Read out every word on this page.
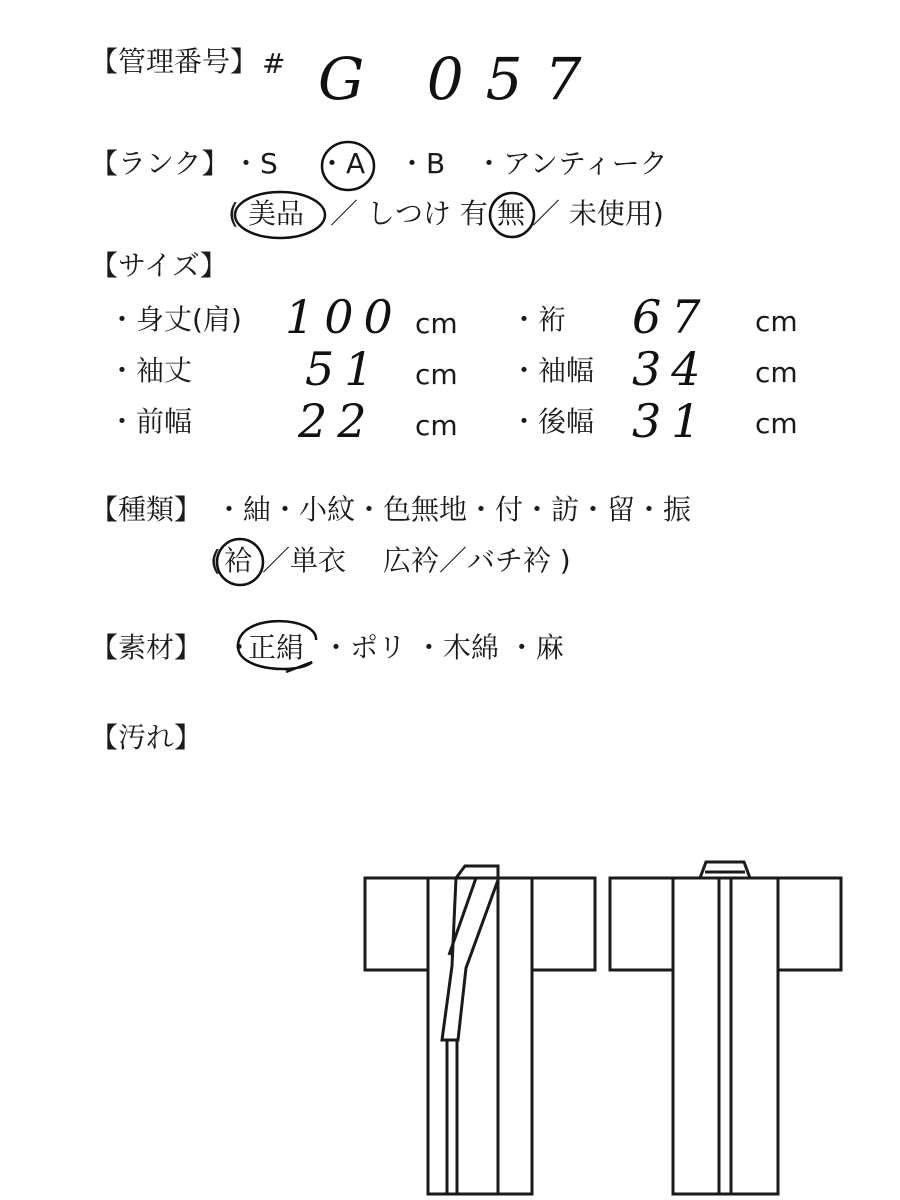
【管理番号】 # G 057
【ランク】 ・S ・A ・B ・アンティーク
( 美品 ／ しつけ 有 無 ／ 未使用)
【サイズ】
・身丈(肩) 100 cm ・裄 67 cm
・袖丈 51 cm ・袖幅 34 cm
・前幅 22 cm ・後幅 31 cm
【種類】 ・紬・小紋・色無地・付・訪・留・振
( 袷 ／単衣　 広衿／バチ衿 )
【素材】 ・
正絹 ・ポリ ・木綿 ・麻
【汚れ】
